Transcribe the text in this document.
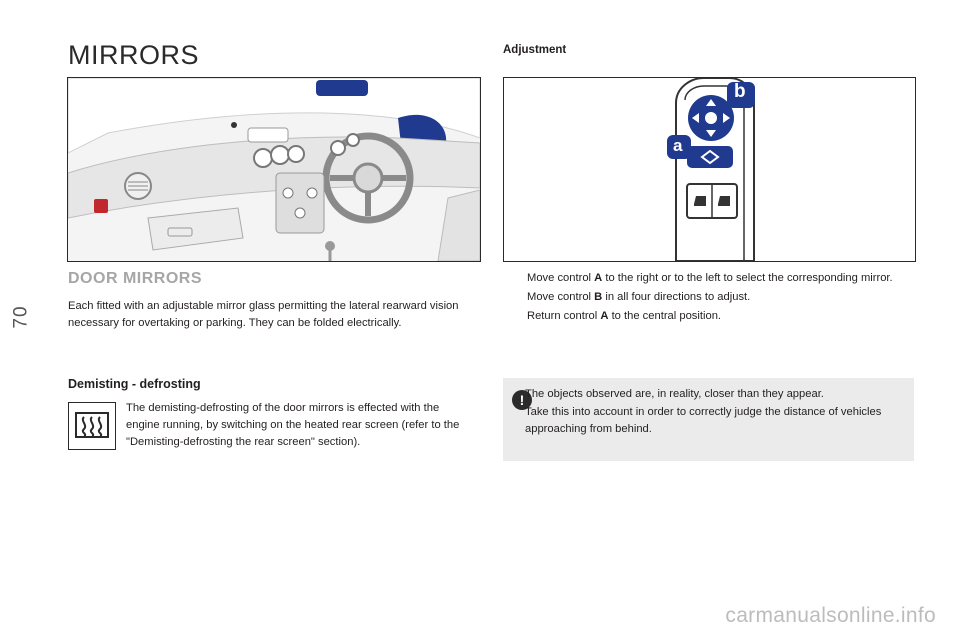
70
MIRRORS
a
b
DOOR MIRRORS

Each fitted with an adjustable mirror glass permitting the lateral rearward vision necessary for overtaking or parking. They can be folded electrically.

Demisting - defrosting

The demisting-defrosting of the door mirrors is effected with the engine running, by switching on the heated rear screen (refer to the "Demisting-defrosting the rear screen" section).

Adjustment
Move control A to the right or to the left to select the corresponding mirror.
Move control B in all four directions to adjust.
Return control A to the central position.
! The objects observed are, in reality, closer than they appear.

Take this into account in order to correctly judge the distance of vehicles approaching from behind.

carmanualsonline.info
